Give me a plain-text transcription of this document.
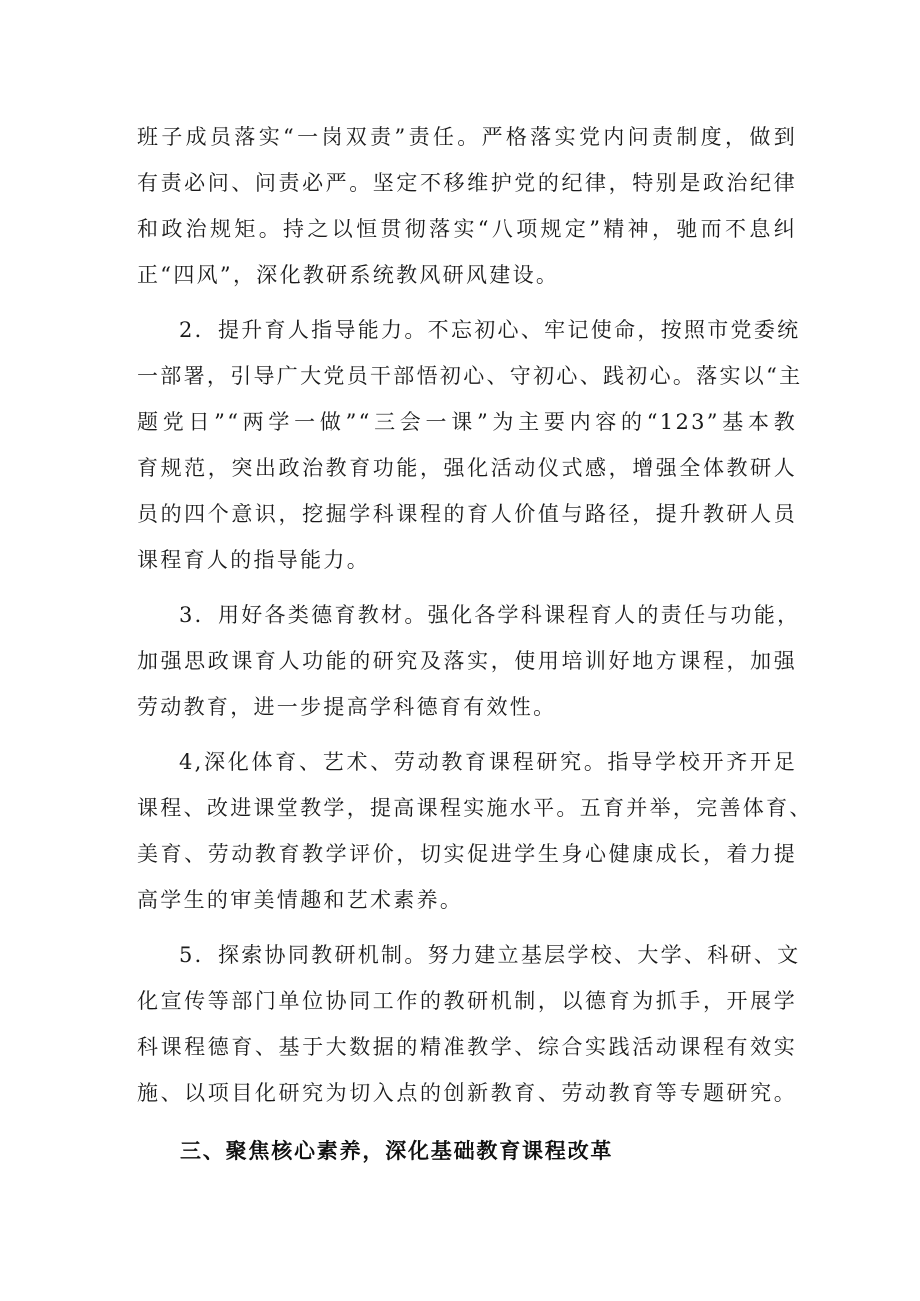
班子成员落实“一岗双责”责任。严格落实党内问责制度，做到
有责必问、问责必严。坚定不移维护党的纪律，特别是政治纪律
和政治规矩。持之以恒贯彻落实“八项规定”精神，驰而不息纠
正“四风”，深化教研系统教风研风建设。
2．提升育人指导能力。不忘初心、牢记使命，按照市党委统
一部署，引导广大党员干部悟初心、守初心、践初心。落实以“主
题党日”“两学一做”“三会一课”为主要内容的“123”基本教
育规范，突出政治教育功能，强化活动仪式感，增强全体教研人
员的四个意识，挖掘学科课程的育人价值与路径，提升教研人员
课程育人的指导能力。
3．用好各类德育教材。强化各学科课程育人的责任与功能，
加强思政课育人功能的研究及落实，使用培训好地方课程，加强
劳动教育，进一步提高学科德育有效性。
4,深化体育、艺术、劳动教育课程研究。指导学校开齐开足
课程、改进课堂教学，提高课程实施水平。五育并举，完善体育、
美育、劳动教育教学评价，切实促进学生身心健康成长，着力提
高学生的审美情趣和艺术素养。
5．探索协同教研机制。努力建立基层学校、大学、科研、文
化宣传等部门单位协同工作的教研机制，以德育为抓手，开展学
科课程德育、基于大数据的精准教学、综合实践活动课程有效实
施、以项目化研究为切入点的创新教育、劳动教育等专题研究。
三、聚焦核心素养，深化基础教育课程改革
